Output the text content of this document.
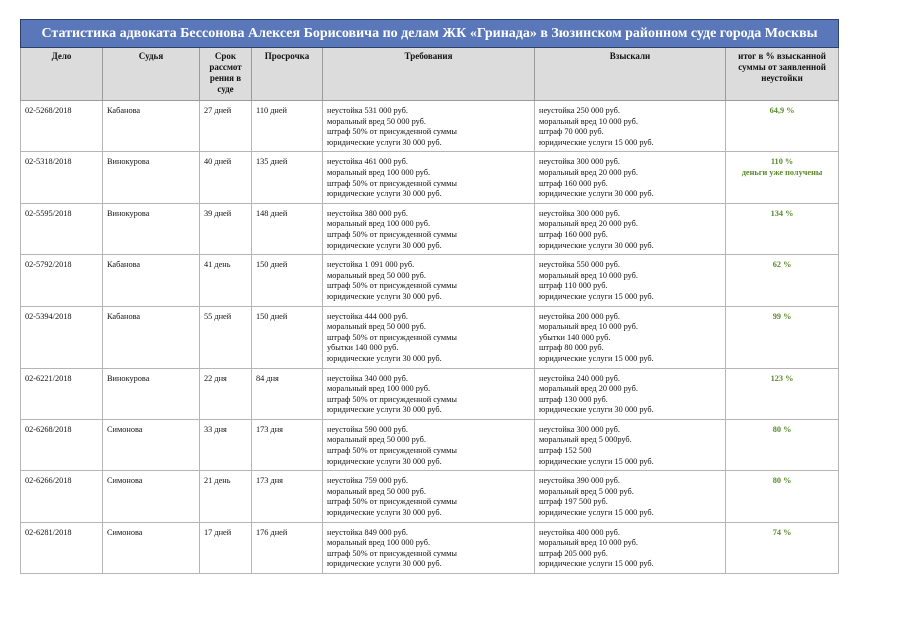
Статистика адвоката Бессонова Алексея Борисовича по делам ЖК «Гринада» в Зюзинском районном суде города Москвы						
Дело	Судья	Срок рассмот рения в суде	Просрочка	Требования	Взыскали	итог в % взысканной суммы от заявленной неустойки
02-5268/2018	Кабанова	27 дней	110 дней	неустойка 531 000 руб.
моральный вред 50 000 руб.
штраф 50% от присужденной суммы
юридические услуги 30 000 руб.	неустойка 250 000 руб.
моральный вред 10 000 руб.
штраф 70 000 руб.
юридические услуги 15 000 руб.	64,9 %

02-5318/2018	Винокурова	40 дней	135 дней	неустойка 461 000 руб.
моральный вред 100 000 руб.
штраф 50% от присужденной суммы
юридические услуги 30 000 руб.	неустойка 300 000 руб.
моральный вред 20 000 руб.
штраф 160 000 руб.
юридические услуги 30 000 руб.	110 %
деньги уже получены

02-5595/2018	Винокурова	39 дней	148 дней	неустойка 380 000 руб.
моральный вред 100 000 руб.
штраф 50% от присужденной суммы
юридические услуги 30 000 руб.	неустойка 300 000 руб.
моральный вред 20 000 руб.
штраф 160 000 руб.
юридические услуги 30 000 руб.	134 %

02-5792/2018	Кабанова	41 день	150 дней	неустойка 1 091 000 руб.
моральный вред 50 000 руб.
штраф 50% от присужденной суммы
юридические услуги 30 000 руб.	неустойка 550 000 руб.
моральный вред 10 000 руб.
штраф 110 000 руб.
юридические услуги 15 000 руб.	62 %

02-5394/2018	Кабанова	55 дней	150 дней	неустойка 444 000 руб.
моральный вред 50 000 руб.
штраф 50% от присужденной суммы
убытки 140 000 руб.
юридические услуги 30 000 руб.	неустойка 200 000 руб.
моральный вред 10 000 руб.
убытки 140 000 руб.
штраф 80 000 руб.
юридические услуги 15 000 руб.	99 %

02-6221/2018	Винокурова	22 дня	84 дня	неустойка 340 000 руб.
моральный вред 100 000 руб.
штраф 50% от присужденной суммы
юридические услуги 30 000 руб.	неустойка 240 000 руб.
моральный вред 20 000 руб.
штраф 130 000 руб.
юридические услуги 30 000 руб.	123 %

02-6268/2018	Симонова	33 дня	173 дня	неустойка 590 000 руб.
моральный вред 50 000 руб.
штраф 50% от присужденной суммы
юридические услуги 30 000 руб.	неустойка 300 000 руб.
моральный вред 5 000руб.
штраф 152 500
юридические услуги 15 000 руб.	80 %

02-6266/2018	Симонова	21 день	173 дня	неустойка 759 000 руб.
моральный вред 50 000 руб.
штраф 50% от присужденной суммы
юридические услуги 30 000 руб.	неустойка 390 000 руб.
моральный вред 5 000 руб.
штраф 197 500 руб.
юридические услуги 15 000 руб.	80 %

02-6281/2018	Симонова	17 дней	176 дней	неустойка 849 000 руб.
моральный вред 100 000 руб.
штраф 50% от присужденной суммы
юридические услуги 30 000 руб.	неустойка 400 000 руб.
моральный вред 10 000 руб.
штраф 205 000 руб.
юридические услуги 15 000 руб.	74 %
